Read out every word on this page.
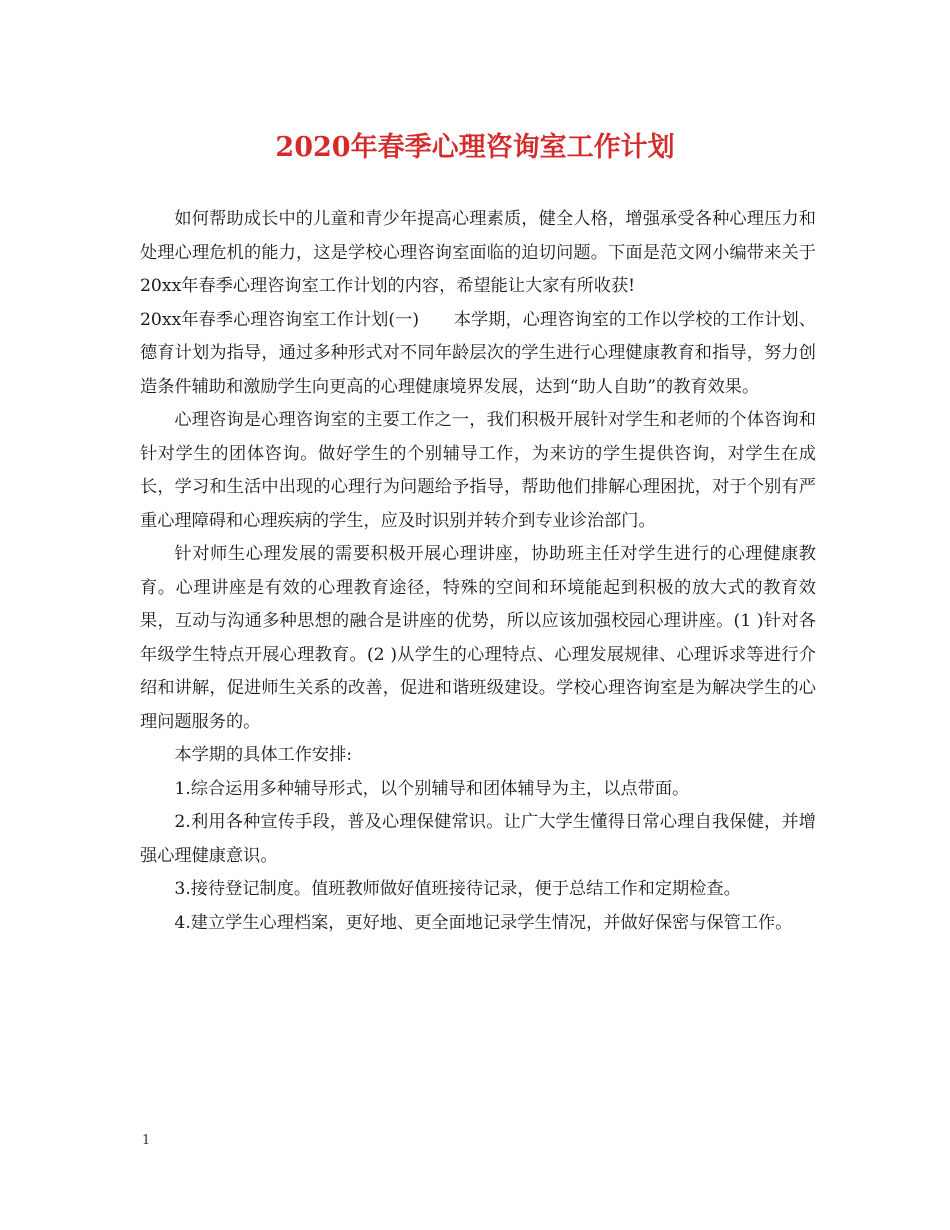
2020年春季心理咨询室工作计划

如何帮助成长中的儿童和青少年提高心理素质，健全人格，增强承受各种心理压力和处理心理危机的能力，这是学校心理咨询室面临的迫切问题。下面是范文网小编带来关于20xx年春季心理咨询室工作计划的内容，希望能让大家有所收获!

20xx年春季心理咨询室工作计划(一)　　本学期，心理咨询室的工作以学校的工作计划、德育计划为指导，通过多种形式对不同年龄层次的学生进行心理健康教育和指导，努力创造条件辅助和激励学生向更高的心理健康境界发展，达到“助人自助”的教育效果。

心理咨询是心理咨询室的主要工作之一，我们积极开展针对学生和老师的个体咨询和针对学生的团体咨询。做好学生的个别辅导工作，为来访的学生提供咨询，对学生在成长，学习和生活中出现的心理行为问题给予指导，帮助他们排解心理困扰，对于个别有严重心理障碍和心理疾病的学生，应及时识别并转介到专业诊治部门。

针对师生心理发展的需要积极开展心理讲座，协助班主任对学生进行的心理健康教育。心理讲座是有效的心理教育途径，特殊的空间和环境能起到积极的放大式的教育效果，互动与沟通多种思想的融合是讲座的优势，所以应该加强校园心理讲座。(1 )针对各年级学生特点开展心理教育。(2 )从学生的心理特点、心理发展规律、心理诉求等进行介绍和讲解，促进师生关系的改善，促进和谐班级建设。学校心理咨询室是为解决学生的心理问题服务的。

本学期的具体工作安排:

1.综合运用多种辅导形式，以个别辅导和团体辅导为主，以点带面。

2.利用各种宣传手段，普及心理保健常识。让广大学生懂得日常心理自我保健，并增强心理健康意识。

3.接待登记制度。值班教师做好值班接待记录，便于总结工作和定期检查。

4.建立学生心理档案，更好地、更全面地记录学生情况，并做好保密与保管工作。

1
